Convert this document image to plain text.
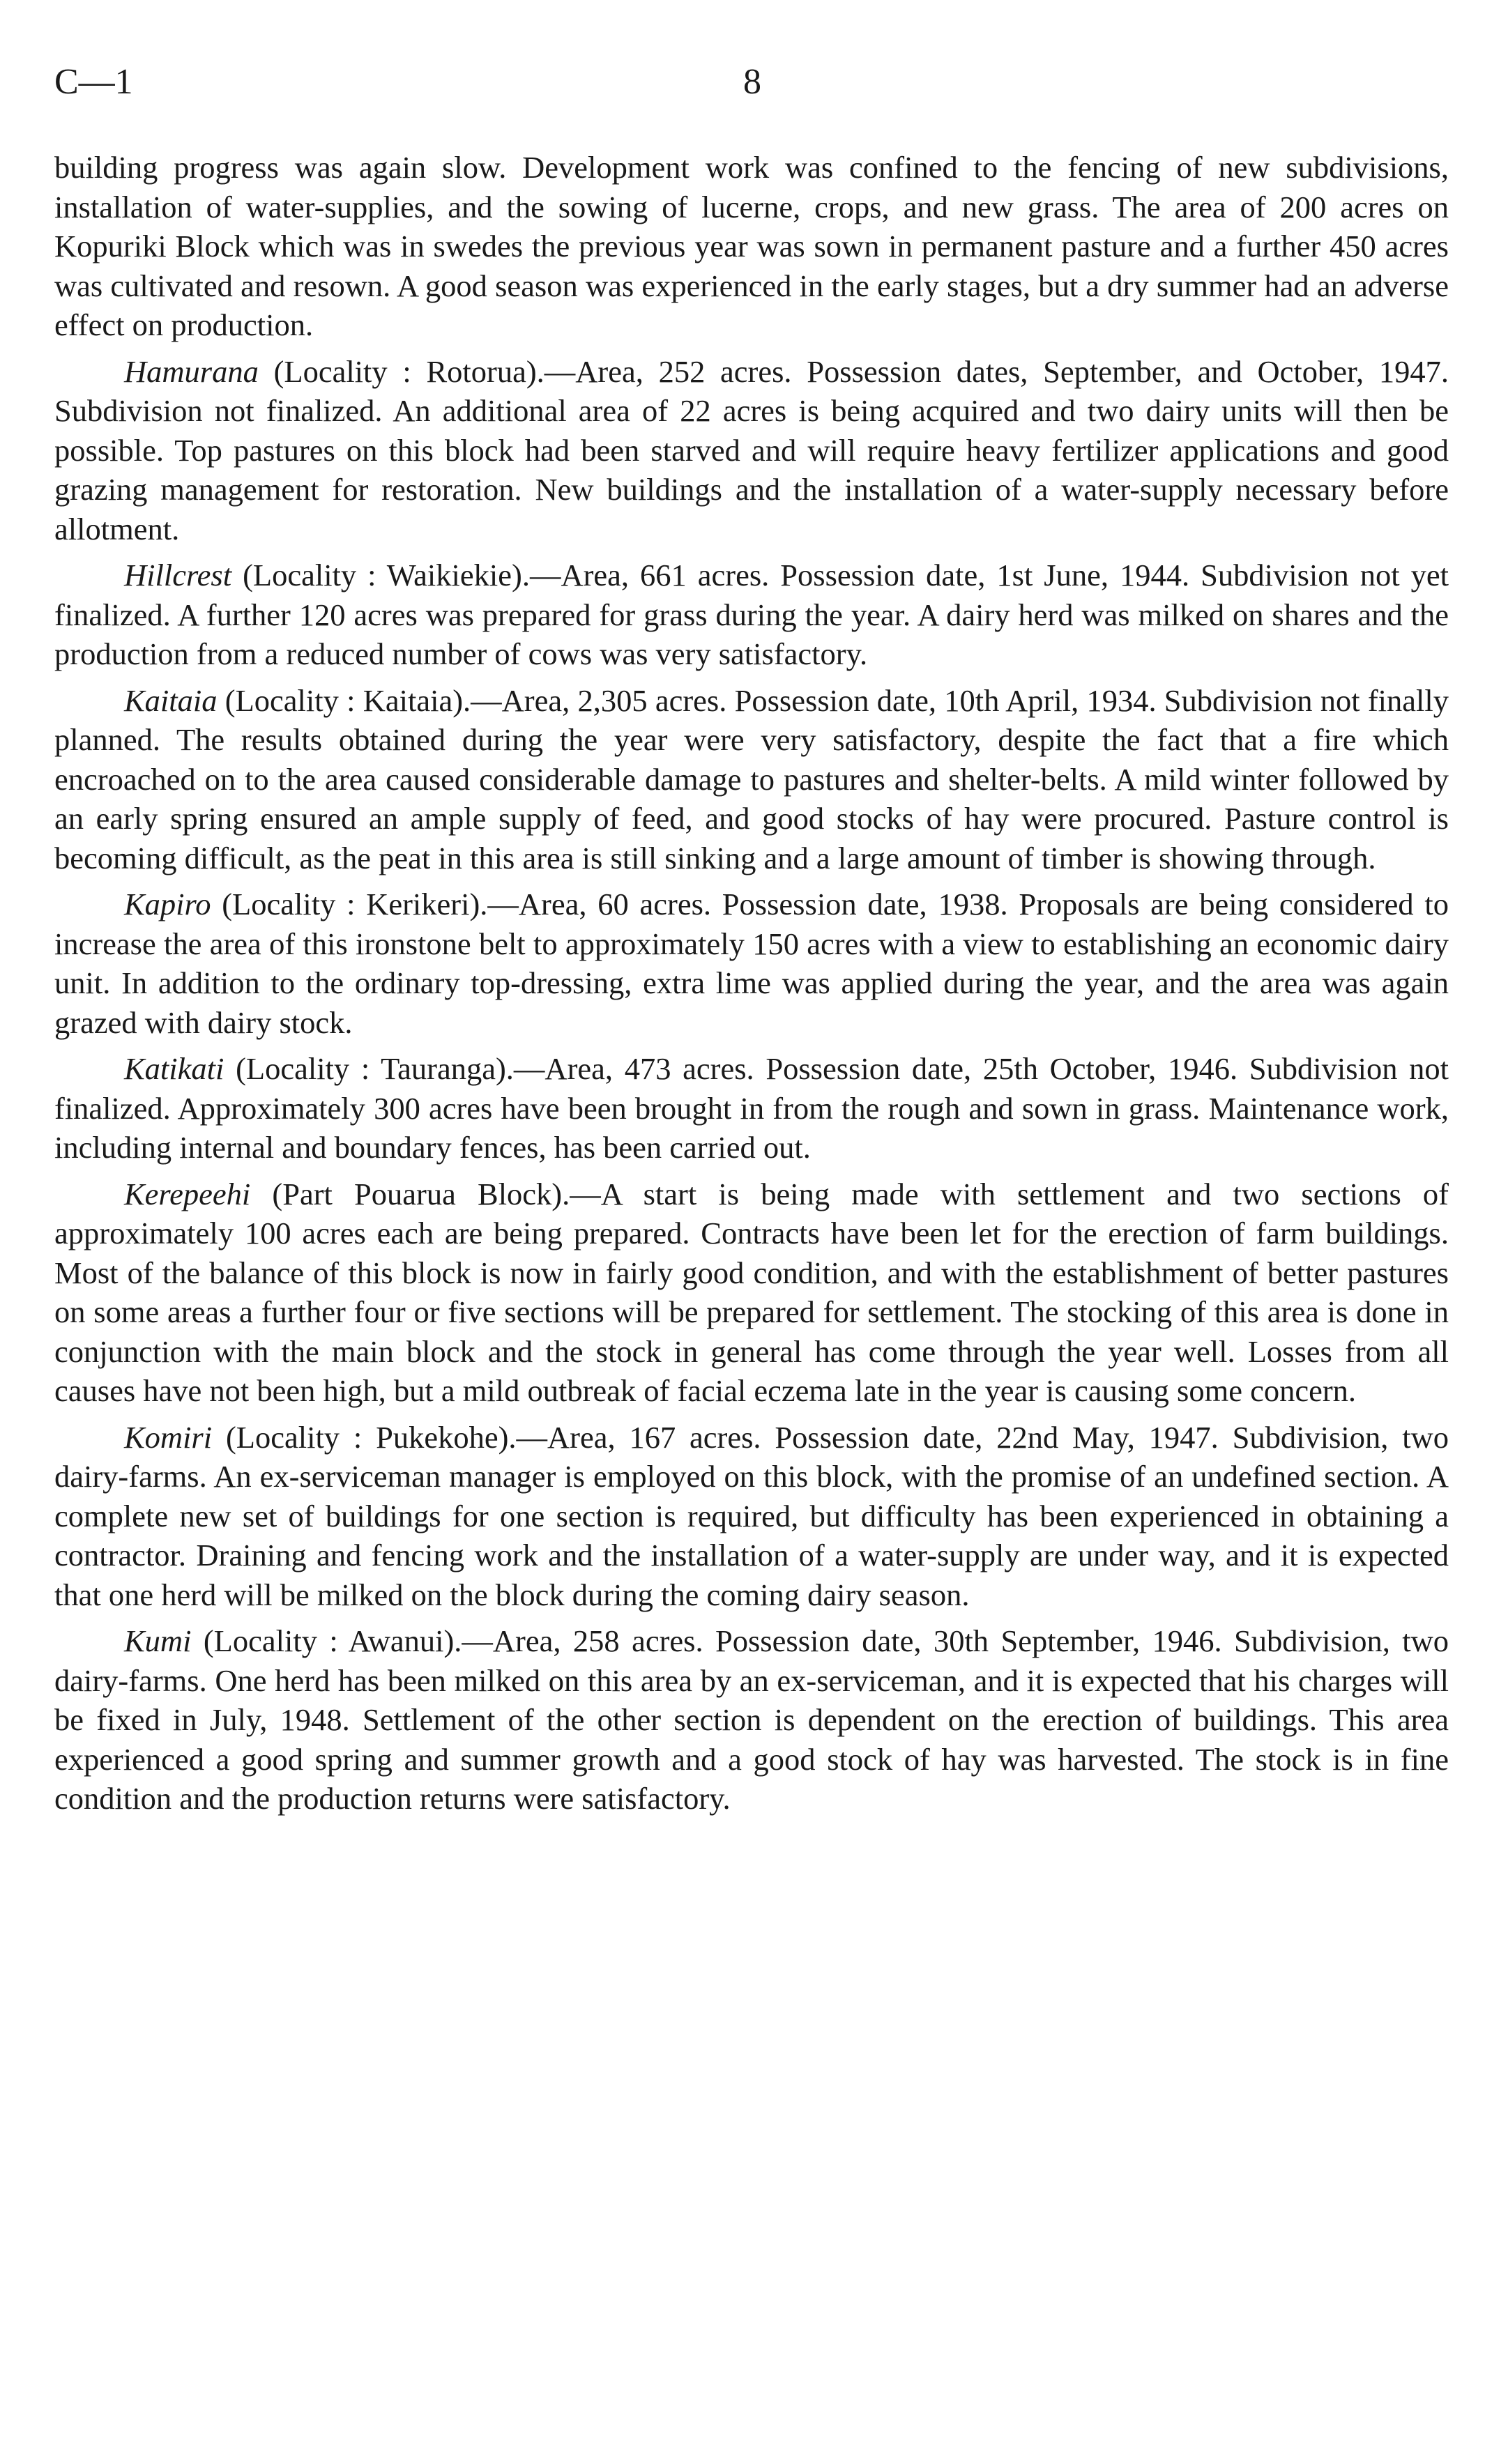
C—1	8

building progress was again slow. Development work was confined to the fencing of new subdivisions, installation of water-supplies, and the sowing of lucerne, crops, and new grass. The area of 200 acres on Kopuriki Block which was in swedes the previous year was sown in permanent pasture and a further 450 acres was cultivated and resown. A good season was experienced in the early stages, but a dry summer had an adverse effect on production.

Hamurana (Locality : Rotorua).—Area, 252 acres. Possession dates, September, and October, 1947. Subdivision not finalized. An additional area of 22 acres is being acquired and two dairy units will then be possible. Top pastures on this block had been starved and will require heavy fertilizer applications and good grazing management for restoration. New buildings and the installation of a water-supply necessary before allotment.

Hillcrest (Locality : Waikiekie).—Area, 661 acres. Possession date, 1st June, 1944. Subdivision not yet finalized. A further 120 acres was prepared for grass during the year. A dairy herd was milked on shares and the production from a reduced number of cows was very satisfactory.

Kaitaia (Locality : Kaitaia).—Area, 2,305 acres. Possession date, 10th April, 1934. Subdivision not finally planned. The results obtained during the year were very satisfactory, despite the fact that a fire which encroached on to the area caused considerable damage to pastures and shelter-belts. A mild winter followed by an early spring ensured an ample supply of feed, and good stocks of hay were procured. Pasture control is becoming difficult, as the peat in this area is still sinking and a large amount of timber is showing through.

Kapiro (Locality : Kerikeri).—Area, 60 acres. Possession date, 1938. Proposals are being considered to increase the area of this ironstone belt to approximately 150 acres with a view to establishing an economic dairy unit. In addition to the ordinary top-dressing, extra lime was applied during the year, and the area was again grazed with dairy stock.

Katikati (Locality : Tauranga).—Area, 473 acres. Possession date, 25th October, 1946. Subdivision not finalized. Approximately 300 acres have been brought in from the rough and sown in grass. Maintenance work, including internal and boundary fences, has been carried out.

Kerepeehi (Part Pouarua Block).—A start is being made with settlement and two sections of approximately 100 acres each are being prepared. Contracts have been let for the erection of farm buildings. Most of the balance of this block is now in fairly good condition, and with the establishment of better pastures on some areas a further four or five sections will be prepared for settlement. The stocking of this area is done in conjunction with the main block and the stock in general has come through the year well. Losses from all causes have not been high, but a mild outbreak of facial eczema late in the year is causing some concern.

Komiri (Locality : Pukekohe).—Area, 167 acres. Possession date, 22nd May, 1947. Subdivision, two dairy-farms. An ex-serviceman manager is employed on this block, with the promise of an undefined section. A complete new set of buildings for one section is required, but difficulty has been experienced in obtaining a contractor. Draining and fencing work and the installation of a water-supply are under way, and it is expected that one herd will be milked on the block during the coming dairy season.

Kumi (Locality : Awanui).—Area, 258 acres. Possession date, 30th September, 1946. Subdivision, two dairy-farms. One herd has been milked on this area by an ex-serviceman, and it is expected that his charges will be fixed in July, 1948. Settlement of the other section is dependent on the erection of buildings. This area experienced a good spring and summer growth and a good stock of hay was harvested. The stock is in fine condition and the production returns were satisfactory.
